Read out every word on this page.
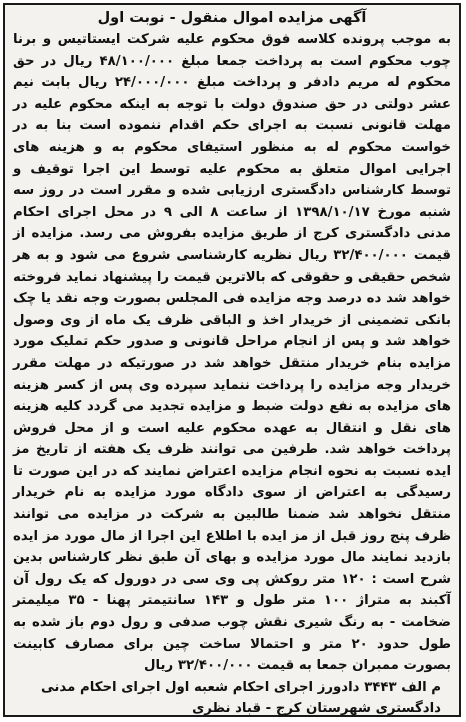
آگهی مزایده اموال منقول - نوبت اول

به موجب پرونده کلاسه فوق محکوم علیه شرکت ایستاتیس و برنا چوب محکوم است به پرداخت جمعا مبلغ ۴۸/۱۰۰/۰۰۰ ریال در حق محکوم له مریم دادفر و پرداخت مبلغ ۲۴/۰۰۰/۰۰۰ ریال بابت نیم عشر دولتی در حق صندوق دولت با توجه به اینکه محکوم علیه در مهلت قانونی نسبت به اجرای حکم اقدام ننموده است بنا به در خواست محکوم له به منظور استیفای محکوم به و هزینه های اجرایی اموال متعلق به محکوم علیه توسط این اجرا توقیف و توسط کارشناس دادگستری ارزیابی شده و مقرر است در روز سه شنبه مورخ ۱۳۹۸/۱۰/۱۷ از ساعت ۸ الی ۹ در محل اجرای احکام مدنی دادگستری کرج از طریق مزایده بفروش می رسد. مزایده از قیمت ۳۲/۴۰۰/۰۰۰ ریال نظریه کارشناسی شروع می شود و به هر شخص حقیقی و حقوقی که بالاترین قیمت را پیشنهاد نماید فروخته خواهد شد ده درصد وجه مزایده فی المجلس بصورت وجه نقد یا چک بانکی تضمینی از خریدار اخذ و الباقی ظرف یک ماه از وی وصول خواهد شد و پس از انجام مراحل قانونی و صدور حکم تملیک مورد مزایده بنام خریدار منتقل خواهد شد در صورتیکه در مهلت مقرر خریدار وجه مزایده را پرداخت ننماید سپرده وی پس از کسر هزینه های مزایده به نفع دولت ضبط و مزایده تجدید می گردد کلیه هزینه های نقل و انتقال به عهده محکوم علیه است و از محل فروش پرداخت خواهد شد. طرفین می توانند ظرف یک هفته از تاریخ مز ایده نسبت به نحوه انجام مزایده اعتراض نمایند که در این صورت تا رسیدگی به اعتراض از سوی دادگاه مورد مزایده به نام خریدار منتقل نخواهد شد ضمنا طالبین به شرکت در مزایده می توانند ظرف پنج روز قبل از مز ایده با اطلاع این اجرا از مال مورد مز ایده بازدید نمایند مال مورد مزایده و بهای آن طبق نظر کارشناس بدین شرح است : ۱۲۰ متر روکش پی وی سی در دورول که یک رول آن آکبند به متراژ ۱۰۰ متر طول و ۱۴۳ سانتیمتر پهنا - ۳۵ میلیمتر ضخامت - به رنگ شیری نقش چوب صدفی و رول دوم باز شده به طول حدود ۲۰ متر و احتمالا ساخت چین برای مصارف کابینت بصورت ممبران جمعا به قیمت ۳۲/۴۰۰/۰۰۰ ریال

م الف ۳۴۴۳ دادورز اجرای احکام شعبه اول اجرای احکام مدنی
دادگستری شهرستان کرج - قباد نظری
